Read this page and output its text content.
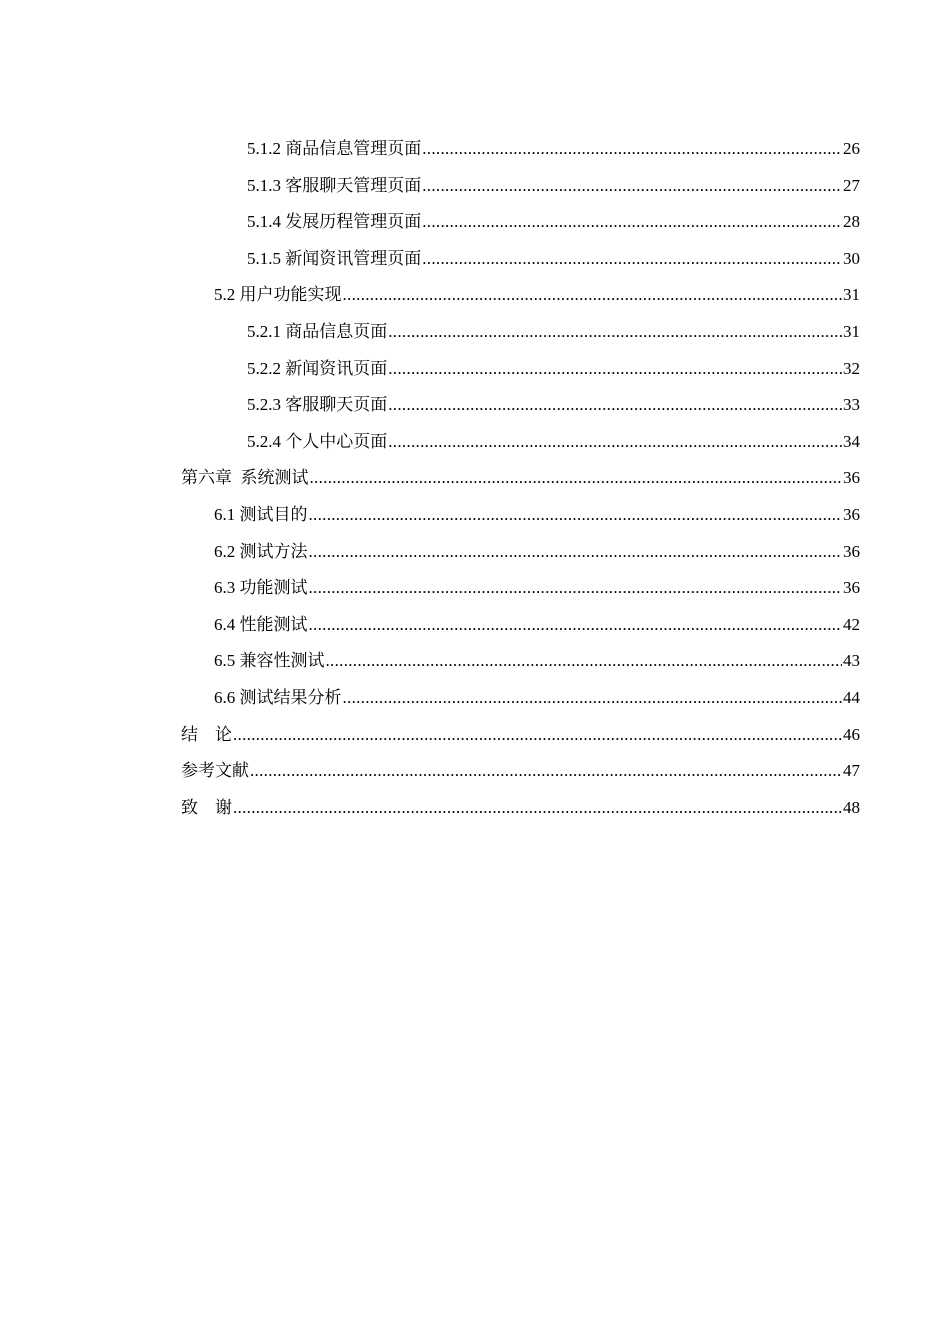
5.1.2 商品信息管理页面 .....	26
5.1.3 客服聊天管理页面 .....	27
5.1.4 发展历程管理页面 .....	28
5.1.5 新闻资讯管理页面 .....	30
5.2 用户功能实现 .....	31
5.2.1 商品信息页面 .....	31
5.2.2 新闻资讯页面 .....	32
5.2.3 客服聊天页面 .....	33
5.2.4 个人中心页面 .....	34
第六章  系统测试 .....	36
6.1 测试目的 .....	36
6.2 测试方法 .....	36
6.3 功能测试 .....	36
6.4 性能测试 .....	42
6.5 兼容性测试 .....	43
6.6 测试结果分析 .....	44
结    论 .....	46
参考文献 .....	47
致    谢 .....	48
